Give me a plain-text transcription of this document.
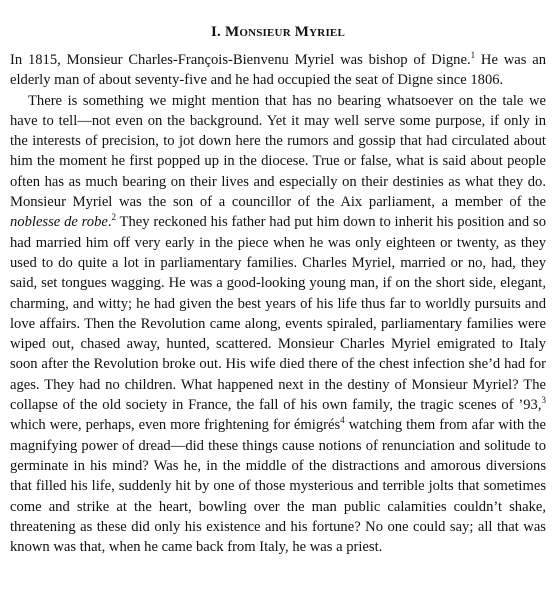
I. Monsieur Myriel

In 1815, Monsieur Charles-François-Bienvenu Myriel was bishop of Digne.$^1$ He was an elderly man of about seventy-five and he had occupied the seat of Digne since 1806.

There is something we might mention that has no bearing whatsoever on the tale we have to tell—not even on the background. Yet it may well serve some purpose, if only in the interests of precision, to jot down here the rumors and gossip that had circulated about him the moment he first popped up in the diocese. True or false, what is said about people often has as much bearing on their lives and especially on their destinies as what they do. Monsieur Myriel was the son of a councillor of the Aix parliament, a member of the noblesse de robe.$^2$ They reckoned his father had put him down to inherit his position and so had married him off very early in the piece when he was only eighteen or twenty, as they used to do quite a lot in parliamentary families. Charles Myriel, married or no, had, they said, set tongues wagging. He was a good-looking young man, if on the short side, elegant, charming, and witty; he had given the best years of his life thus far to worldly pursuits and love affairs. Then the Revolution came along, events spiraled, parliamentary families were wiped out, chased away, hunted, scattered. Monsieur Charles Myriel emigrated to Italy soon after the Revolution broke out. His wife died there of the chest infection she’d had for ages. They had no children. What happened next in the destiny of Monsieur Myriel? The collapse of the old society in France, the fall of his own family, the tragic scenes of ’93,$^3$ which were, perhaps, even more frightening for émigrés$^4$ watching them from afar with the magnifying power of dread—did these things cause notions of renunciation and solitude to germinate in his mind? Was he, in the middle of the distractions and amorous diversions that filled his life, suddenly hit by one of those mysterious and terrible jolts that sometimes come and strike at the heart, bowling over the man public calamities couldn’t shake, threatening as these did only his existence and his fortune? No one could say; all that was known was that, when he came back from Italy, he was a priest.
